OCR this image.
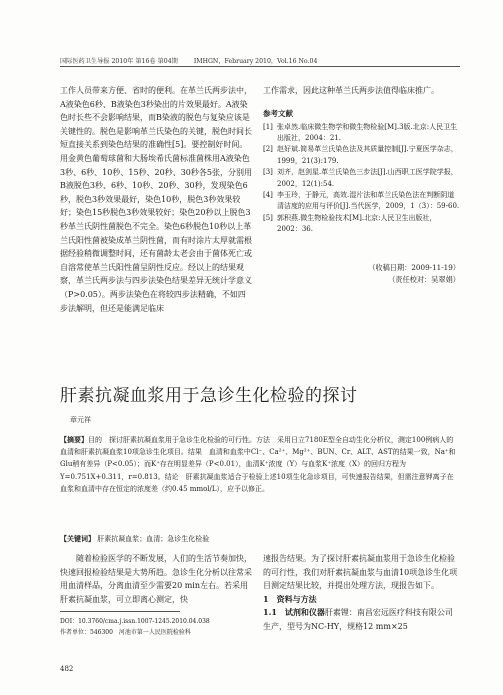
国际医药卫生导报 2010年 第16卷 第04期	IMHGN，February 2010，Vol.16 No.04

工作人员带来方便、省时的便利。在革兰氏两步法中，A液染色6秒、B液染色3秒染出的片效果最好。A液染色时长些不会影响结果，而B染液的脱色与复染应该是关键性的。脱色是影响革兰氏染色的关键，脱色时间长短直接关系到染色结果的准确性[5]。要控制好时间。用金黄色葡萄球菌和大肠埃希氏菌标准菌株用A液染色3秒、6秒、10秒、15秒、20秒、30秒各5张，分别用B液脱色3秒、6秒、10秒、20秒、30秒，发现染色6秒，脱色3秒效果最好，染色10秒，脱色3秒效果较好；染色15秒脱色3秒效果较好；染色20秒以上脱色3秒革兰氏阴性菌脱色不完全。染色6秒脱色10秒以上革兰氏阳性菌被染成革兰阴性菌，而有时涂片太厚就需根据经验稍微调整时间，还有菌龄太老会由于菌体死亡或自溶常使革兰氏阳性菌呈阴性反应。经以上的结果观察，革兰氏两步法与四步法染色结果差异无统计学意义（P>0.05）。两步法染色在将较四步法精确，不如四步法解明，但还是能满足临床

工作需求，因此这种革兰氏两步法值得临床推广。

参考文献
[1] 张卓然.临床微生物学和微生物检验[M].3版.北京:人民卫生出版社，2004：21.
[2] 赵好斌.简易革兰氏染色法及其质量控制[J].宁夏医学杂志，1999，21(3):179.
[3] 刘齐，赵剑星.革兰氏染色三步法[J].山西职工医学院学报，2002，12(1):54.
[4] 李玉玲，于静元，高效.湿片法和革兰氏染色法在判断阴道清洁度的应用与评价[J].当代医学，2009，1（3）：59-60.
[5] 郭积燕.微生物检验技术[M].北京:人民卫生出版社，2002：36.
（收稿日期：2009-11-19）
（责任校对：吴翠娟）
肝素抗凝血浆用于急诊生化检验的探讨
章元祥
【摘要】目的　探讨肝素抗凝血浆用于急诊生化检验的可行性。方法　采用日立7180E型全自动生化分析仪，测定100例病人的血清和肝素抗凝血浆10项急诊生化项目。结果　血清和血浆中Cl⁻、Ca²⁺、Mg²⁺、BUN、Cr、ALT、AST的结果一致，Na⁺和Glu稍有差异（P<0.05）；而K⁺存在明显差异（P<0.01），血清K⁺浓度（Y）与血浆K⁺浓度（X）的回归方程为Y=0.751X+0.311，r=0.813。结论　肝素抗凝血浆适合于检验上述10项生化急诊项目，可快速报告结果，但需注意钾离子在血浆和血清中存在恒定的浓度差（约0.45 mmol/L），应予以修正。
【关键词】 肝素抗凝血浆；血清；急诊生化检验

随着检验医学的不断发展，人们的生活节奏加快，快速回报检验结果是大势所趋。急诊生化分析以往常采用血清样品，分离血清至少需要20 min左右。若采用肝素抗凝血浆，可立即离心测定，快

DOI：10.3760/cma.j.issn.1007-1245.2010.04.038
作者单位：546300　河池市第一人民医院检验科

速报告结果。为了探讨肝素抗凝血浆用于急诊生化检验的可行性，我们对肝素抗凝血浆与血清10项急诊生化项目测定结果比较，并提出处理方法，现报告如下。

1　资料与方法

1.1　试剂和仪器肝素锂：南昌宏远医疗科技有限公司生产，型号为NC-HY，规格12 mm×25

482
